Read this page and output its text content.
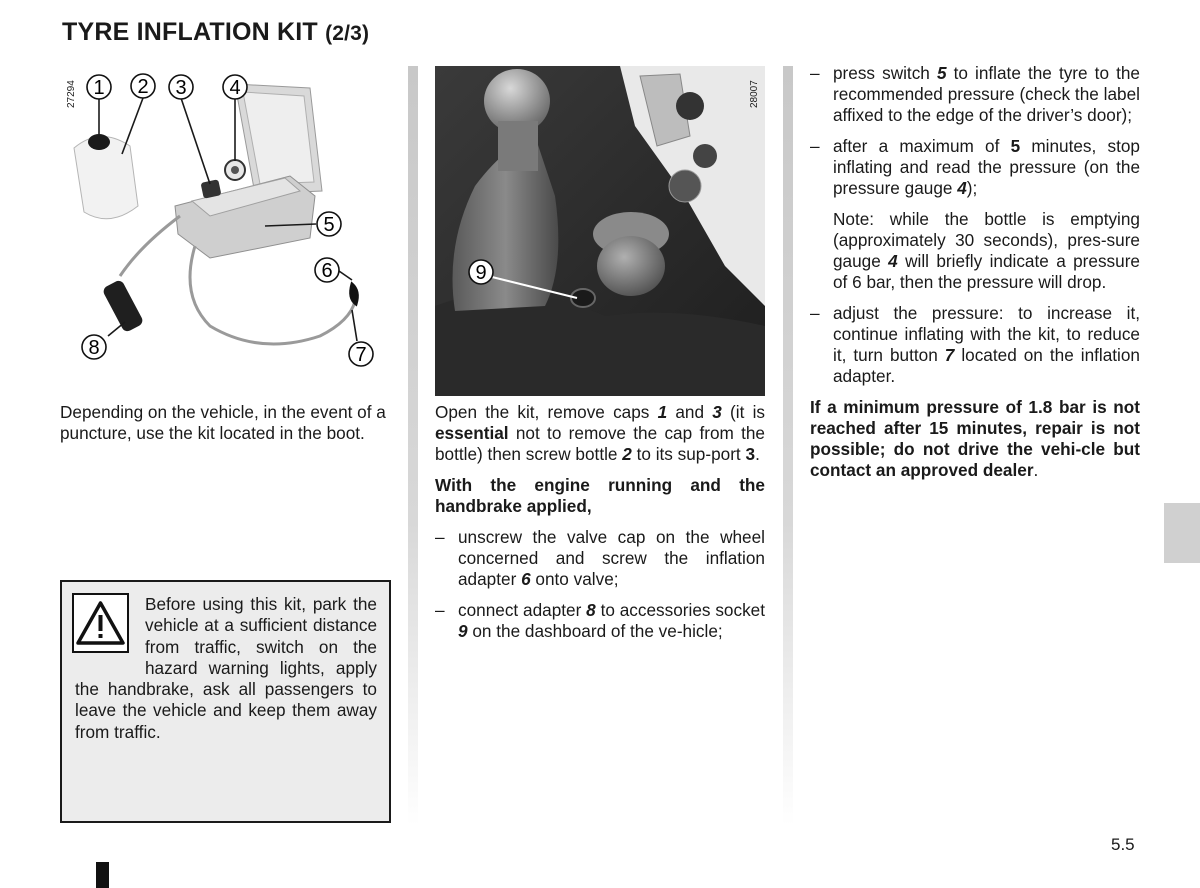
TYRE INFLATION KIT (2/3)
27294 1 2 3 4
5
6
7
8
28007
9

Depending on the vehicle, in the event of a puncture, use the kit located in the boot.

Before using this kit, park the vehicle at a sufficient distance from traffic, switch on the hazard warning lights, apply the handbrake, ask all passengers to leave the vehicle and keep them away from traffic.

Open the kit, remove caps 1 and 3 (it is essential not to remove the cap from the bottle) then screw bottle 2 to its sup-port 3.

With the engine running and the handbrake applied,

– unscrew the valve cap on the wheel concerned and screw the inflation adapter 6 onto valve;

– connect adapter 8 to accessories socket 9 on the dashboard of the ve-hicle;

– press switch 5 to inflate the tyre to the recommended pressure (check the label affixed to the edge of the driver’s door);

– after a maximum of 5 minutes, stop inflating and read the pressure (on the pressure gauge 4);

Note: while the bottle is emptying (approximately 30 seconds), pres-sure gauge 4 will briefly indicate a pressure of 6 bar, then the pressure will drop.

– adjust the pressure: to increase it, continue inflating with the kit, to reduce it, turn button 7 located on the inflation adapter.

If a minimum pressure of 1.8 bar is not reached after 15 minutes, repair is not possible; do not drive the vehi-cle but contact an approved dealer.

5.5
